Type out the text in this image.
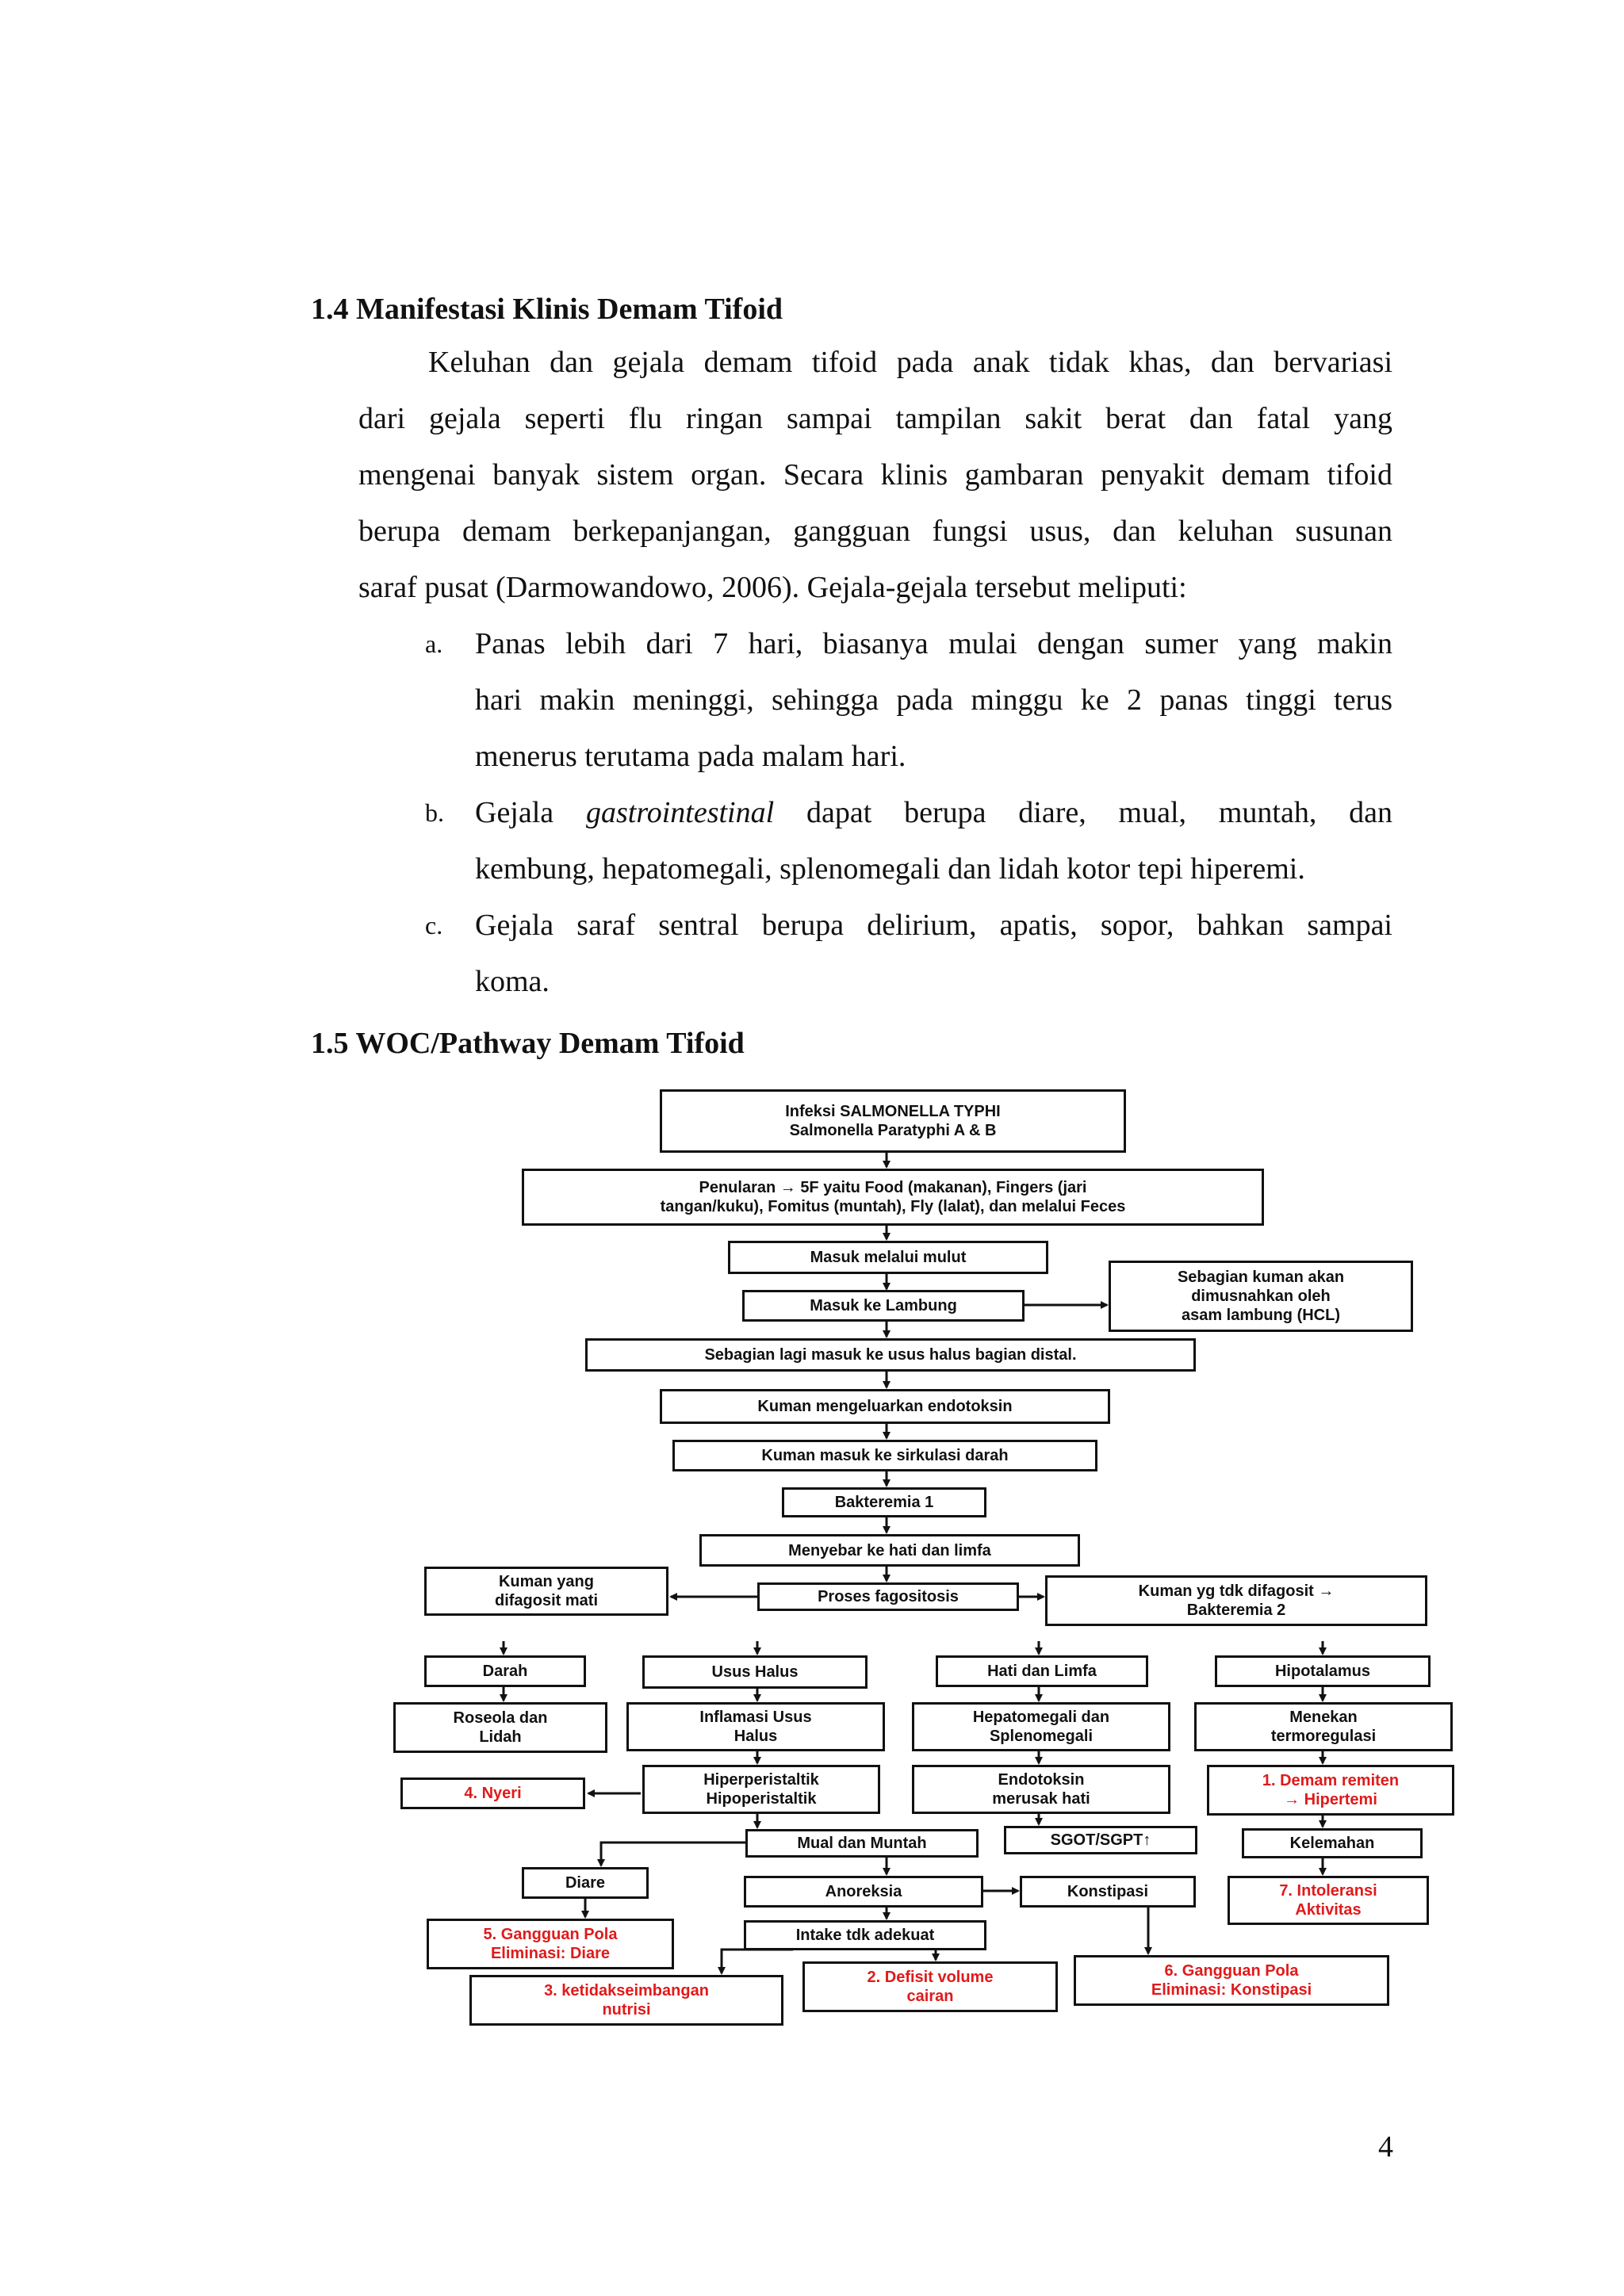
1.4 Manifestasi Klinis Demam Tifoid
Keluhan dan gejala demam tifoid pada anak tidak khas, dan bervariasi
dari gejala seperti flu ringan sampai tampilan sakit berat dan fatal yang
mengenai banyak sistem organ. Secara klinis gambaran penyakit demam tifoid
berupa demam berkepanjangan, gangguan fungsi usus, dan keluhan susunan
saraf pusat (Darmowandowo, 2006). Gejala-gejala tersebut meliputi:
a. Panas lebih dari 7 hari, biasanya mulai dengan sumer yang makin
hari makin meninggi, sehingga pada minggu ke 2 panas tinggi terus
menerus terutama pada malam hari.
b. Gejala gastrointestinal dapat berupa diare, mual, muntah, dan
kembung, hepatomegali, splenomegali dan lidah kotor tepi hiperemi.
c. Gejala saraf sentral berupa delirium, apatis, sopor, bahkan sampai
koma.
1.5 WOC/Pathway Demam Tifoid
Infeksi SALMONELLA TYPHI
Salmonella Paratyphi A & B
Penularan → 5F yaitu Food (makanan), Fingers (jari
tangan/kuku), Fomitus (muntah), Fly (lalat), dan melalui Feces
Masuk melalui mulut
Masuk ke Lambung
Sebagian kuman akan
dimusnahkan oleh
asam lambung (HCL)
Sebagian lagi masuk ke usus halus bagian distal.
Kuman mengeluarkan endotoksin
Kuman masuk ke sirkulasi darah
Bakteremia 1
Menyebar ke hati dan limfa
Proses fagositosis
Kuman yang
difagosit mati
Kuman yg tdk difagosit →
Bakteremia 2
Darah	Usus Halus	Hati dan Limfa	Hipotalamus
Roseola dan
Lidah
Inflamasi Usus
Halus
Hepatomegali dan
Splenomegali
Menekan
termoregulasi
4. Nyeri
Hiperperistaltik
Hipoperistaltik
Endotoksin
merusak hati
1. Demam remiten
→ Hipertemi
Mual dan Muntah	SGOT/SGPT↑	Kelemahan
Diare	Anoreksia	Konstipasi	7. Intoleransi
Aktivitas
5. Gangguan Pola
Eliminasi: Diare
Intake tdk adekuat
3. ketidakseimbangan
nutrisi
2. Defisit volume
cairan
6. Gangguan Pola
Eliminasi: Konstipasi
4
